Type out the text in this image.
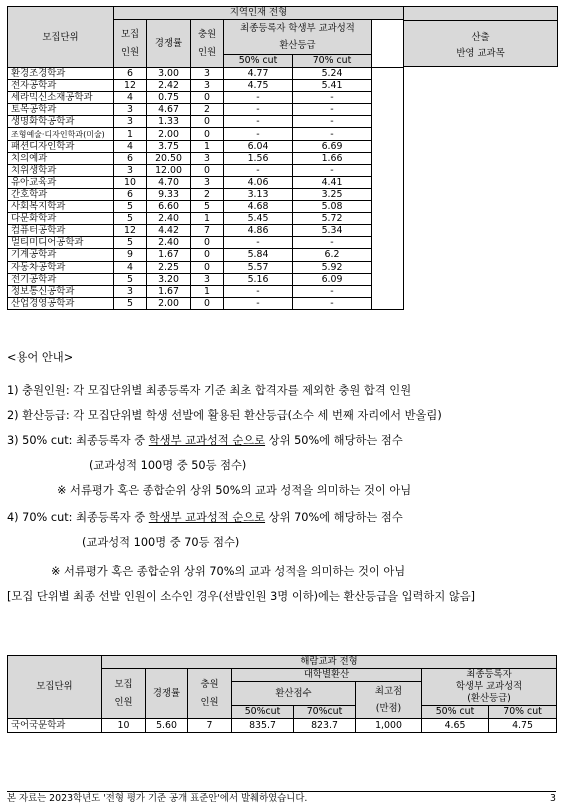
모집단위	지역인재 전형					
	모집
인원	경쟁률	충원
인원	최종등록자 학생부 교과성적
환산등급	
				50% cut	70% cut	
환경조경학과	6	3.00	3	4.77	5.24	
전자공학과	12	2.42	3	4.75	5.41	
세라믹신소재공학과	4	0.75	0	-	-	
토목공학과	3	4.67	2	-	-	
생명화학공학과	3	1.33	0	-	-	
조형예술·디자인학과(미술)	1	2.00	0	-	-	
패션디자인학과	4	3.75	1	6.04	6.69	
치의예과	6	20.50	3	1.56	1.66	
치위생학과	3	12.00	0	-	-	
유아교육과	10	4.70	3	4.06	4.41	
간호학과	6	9.33	2	3.13	3.25	
사회복지학과	5	6.60	5	4.68	5.08	
다문화학과	5	2.40	1	5.45	5.72	
컴퓨터공학과	12	4.42	7	4.86	5.34	
멀티미디어공학과	5	2.40	0	-	-	
기계공학과	9	1.67	0	5.84	6.2	
자동차공학과	4	2.25	0	5.57	5.92	
전기공학과	5	3.20	3	5.16	6.09	
정보통신공학과	3	1.67	1	-	-	
산업경영공학과	5	2.00	0	-	-	
산출
반영 교과목
<용어 안내>
1) 충원인원: 각 모집단위별 최종등록자 기준 최초 합격자를 제외한 충원 합격 인원
2) 환산등급: 각 모집단위별 학생 선발에 활용된 환산등급(소수 세 번째 자리에서 반올림)
3) 50% cut: 최종등록자 중 학생부 교과성적 순으로 상위 50%에 해당하는 점수
(교과성적 100명 중 50등 점수)
※ 서류평가 혹은 종합순위 상위 50%의 교과 성적을 의미하는 것이 아님
4) 70% cut: 최종등록자 중 학생부 교과성적 순으로 상위 70%에 해당하는 점수
(교과성적 100명 중 70등 점수)
※ 서류평가 혹은 종합순위 상위 70%의 교과 성적을 의미하는 것이 아님
[모집 단위별 최종 선발 인원이 소수인 경우(선발인원 3명 이하)에는 환산등급을 입력하지 않음]
모집단위	해람교과 전형							
	모집
인원	경쟁률	충원
인원	대학별환산			최종등록자
학생부 교과성적
(환산등급)	
				환산점수		최고점
(만점)		
				50%cut	70%cut		50% cut	70% cut
국어국문학과	10	5.60	7	835.7	823.7	1,000	4.65	4.75
본 자료는 2023학년도 '전형 평가 기준 공개 표준안'에서 발췌하였습니다.	3
